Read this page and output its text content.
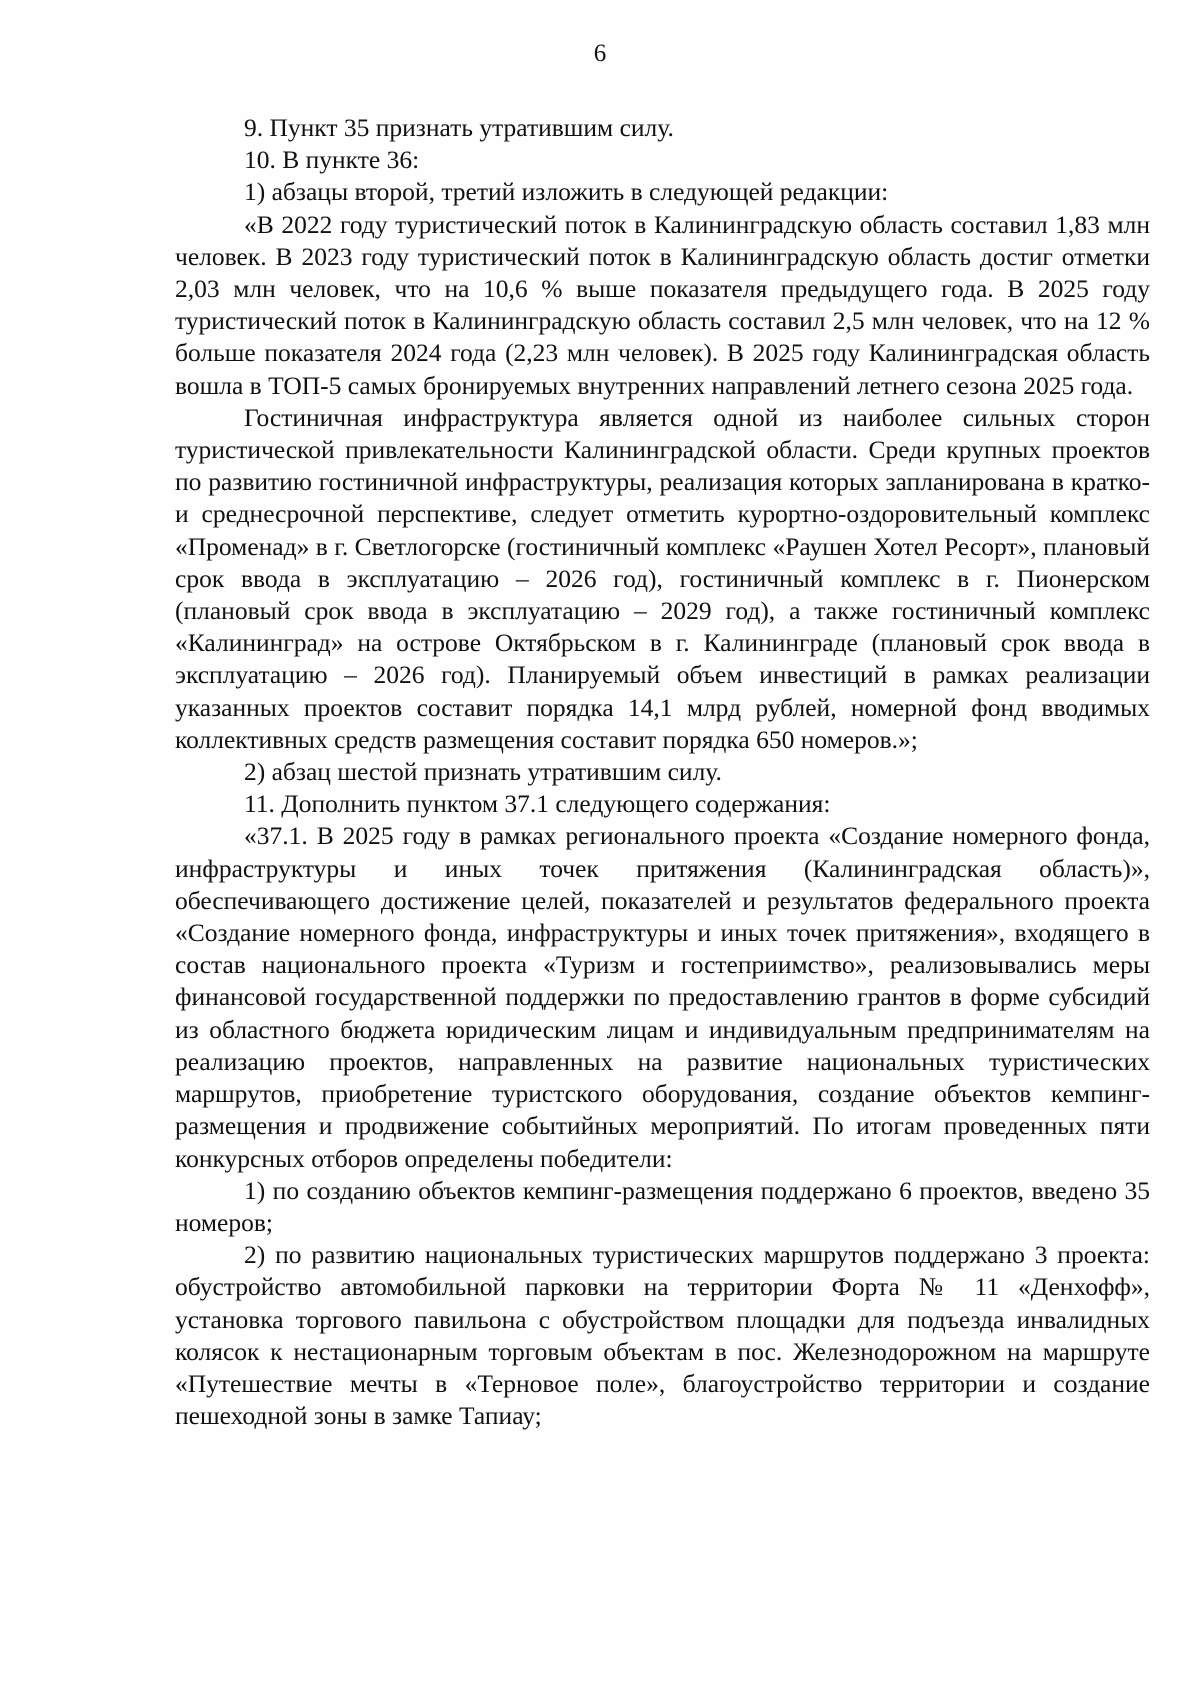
6

9. Пункт 35 признать утратившим силу.

10. В пункте 36:

1) абзацы второй, третий изложить в следующей редакции:

«В 2022 году туристический поток в Калининградскую область составил 1,83 млн человек. В 2023 году туристический поток в Калининградскую область достиг отметки 2,03 млн человек, что на 10,6 % выше показателя предыдущего года. В 2025 году туристический поток в Калининградскую область составил 2,5 млн человек, что на 12 % больше показателя 2024 года (2,23 млн человек). В 2025 году Калининградская область вошла в ТОП-5 самых бронируемых внутренних направлений летнего сезона 2025 года.

Гостиничная инфраструктура является одной из наиболее сильных сторон туристической привлекательности Калининградской области. Среди крупных проектов по развитию гостиничной инфраструктуры, реализация которых запланирована в кратко- и среднесрочной перспективе, следует отметить курортно-оздоровительный комплекс «Променад» в г. Светлогорске (гостиничный комплекс «Раушен Хотел Ресорт», плановый срок ввода в эксплуатацию – 2026 год), гостиничный комплекс в г. Пионерском (плановый срок ввода в эксплуатацию – 2029 год), а также гостиничный комплекс «Калининград» на острове Октябрьском в г. Калининграде (плановый срок ввода в эксплуатацию – 2026 год). Планируемый объем инвестиций в рамках реализации указанных проектов составит порядка 14,1 млрд рублей, номерной фонд вводимых коллективных средств размещения составит порядка 650 номеров.»;

2) абзац шестой признать утратившим силу.

11. Дополнить пунктом 37.1 следующего содержания:

«37.1. В 2025 году в рамках регионального проекта «Создание номерного фонда, инфраструктуры и иных точек притяжения (Калининградская область)», обеспечивающего достижение целей, показателей и результатов федерального проекта «Создание номерного фонда, инфраструктуры и иных точек притяжения», входящего в состав национального проекта «Туризм и гостеприимство», реализовывались меры финансовой государственной поддержки по предоставлению грантов в форме субсидий из областного бюджета юридическим лицам и индивидуальным предпринимателям на реализацию проектов, направленных на развитие национальных туристических маршрутов, приобретение туристского оборудования, создание объектов кемпинг-размещения и продвижение событийных мероприятий. По итогам проведенных пяти конкурсных отборов определены победители:

1) по созданию объектов кемпинг-размещения поддержано 6 проектов, введено 35 номеров;

2) по развитию национальных туристических маршрутов поддержано 3 проекта: обустройство автомобильной парковки на территории Форта № 11 «Денхофф», установка торгового павильона с обустройством площадки для подъезда инвалидных колясок к нестационарным торговым объектам в пос. Железнодорожном на маршруте «Путешествие мечты в «Терновое поле», благоустройство территории и создание пешеходной зоны в замке Тапиау;
